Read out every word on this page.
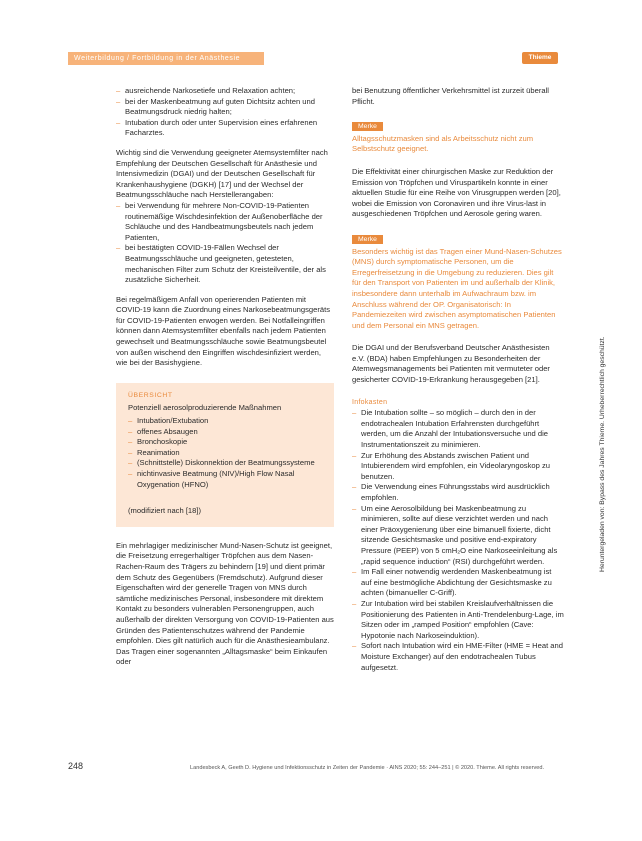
Weiterbildung / Fortbildung in der Anästhesie	Thieme
– ausreichende Narkosetiefe und Relaxation achten;
– bei der Maskenbeatmung auf guten Dichtsitz achten und Beatmungsdruck niedrig halten;
– Intubation durch oder unter Supervision eines erfahrenen Facharztes.

Wichtig sind die Verwendung geeigneter Atemsystemfilter nach Empfehlung der Deutschen Gesellschaft für Anästhesie und Intensivmedizin (DGAI) und der Deutschen Gesellschaft für Krankenhaushygiene (DGKH) [17] und der Wechsel der Beatmungsschläuche nach Herstellerangaben:

– bei Verwendung für mehrere Non-COVID-19-Patienten routinemäßige Wischdesinfektion der Außenoberfläche der Schläuche und des Handbeatmungsbeutels nach jedem Patienten,
– bei bestätigten COVID-19-Fällen Wechsel der Beatmungsschläuche und geeigneten, getesteten, mechanischen Filter zum Schutz der Kreisteilventile, der als zusätzliche Sicherheit.

Bei regelmäßigem Anfall von operierenden Patienten mit COVID-19 kann die Zuordnung eines Narkosebeatmungsgeräts für COVID-19-Patienten erwogen werden. Bei Notfalleingriffen können dann Atemsystemfilter ebenfalls nach jedem Patienten gewechselt und Beatmungsschläuche sowie Beatmungsbeutel von außen wischend den Eingriffen wischdesinfiziert werden, wie bei der Basishygiene.

ÜBERSICHT
Potenziell aerosolproduzierende Maßnahmen
– Intubation/Extubation
– offenes Absaugen
– Bronchoskopie
– Reanimation
– (Schnittstelle) Diskonnektion der Beatmungssysteme
– nichtinvasive Beatmung (NIV)/High Flow Nasal Oxygenation (HFNO)
(modifiziert nach [18])

Ein mehrlagiger medizinischer Mund-Nasen-Schutz ist geeignet, die Freisetzung erregerhaltiger Tröpfchen aus dem Nasen-Rachen-Raum des Trägers zu behindern [19] und dient primär dem Schutz des Gegenübers (Fremdschutz). Aufgrund dieser Eigenschaften wird der generelle Tragen von MNS durch sämtliche medizinisches Personal, insbesondere mit direktem Kontakt zu besonders vulnerablen Personengruppen, auch außerhalb der direkten Versorgung von COVID-19-Patienten aus Gründen des Patientenschutzes während der Pandemie empfohlen. Dies gilt natürlich auch für die Anästhesieambulanz. Das Tragen einer sogenannten „Alltagsmaske“ beim Einkaufen oder

bei Benutzung öffentlicher Verkehrsmittel ist zurzeit überall Pflicht.

Merke

Alltagsschutzmasken sind als Arbeitsschutz nicht zum Selbstschutz geeignet.

Die Effektivität einer chirurgischen Maske zur Reduktion der Emission von Tröpfchen und Viruspartikeln konnte in einer aktuellen Studie für eine Reihe von Virusgruppen werden [20], wobei die Emission von Coronaviren und ihre Virus-last in ausgeschiedenen Tröpfchen und Aerosole gering waren.

Merke

Besonders wichtig ist das Tragen einer Mund-Nasen-Schutzes (MNS) durch symptomatische Personen, um die Erregerfreisetzung in die Umgebung zu reduzieren. Dies gilt für den Transport von Patienten im und außerhalb der Klinik, insbesondere dann unterhalb im Aufwachraum bzw. im Anschluss während der OP. Organisatorisch: In Pandemiezeiten wird zwischen asymptomatischen Patienten und dem Personal ein MNS getragen.

Die DGAI und der Berufsverband Deutscher Anästhesisten e.V. (BDA) haben Empfehlungen zu Besonderheiten der Atemwegsmanagements bei Patienten mit vermuteter oder gesicherter COVID-19-Erkrankung herausgegeben [21].

Infokasten
– Die Intubation sollte – so möglich – durch den in der endotrachealen Intubation Erfahrensten durchgeführt werden, um die Anzahl der Intubationsversuche und die Instrumentationszeit zu minimieren.
– Zur Erhöhung des Abstands zwischen Patient und Intubierendem wird empfohlen, ein Videolaryngoskop zu benutzen.
– Die Verwendung eines Führungsstabs wird ausdrücklich empfohlen.
– Um eine Aerosolbildung bei Maskenbeatmung zu minimieren, sollte auf diese verzichtet werden und nach einer Präoxygenierung über eine bimanuell fixierte, dicht sitzende Gesichtsmaske und positive end-expiratory Pressure (PEEP) von 5 cmH₂O eine Narkoseeinleitung als „rapid sequence induction“ (RSI) durchgeführt werden.
– Im Fall einer notwendig werdenden Maskenbeatmung ist auf eine bestmögliche Abdichtung der Gesichtsmaske zu achten (bimanueller C-Griff).
– Zur Intubation wird bei stabilen Kreislaufverhältnissen die Positionierung des Patienten in Anti-Trendelenburg-Lage, im Sitzen oder im „ramped Position“ empfohlen (Cave: Hypotonie nach Narkoseinduktion).
– Sofort nach Intubation wird ein HME-Filter (HME = Heat and Moisture Exchanger) auf den endotrachealen Tubus aufgesetzt.
248	Landesbeck A, Geeth D. Hygiene und Infektionsschutz in Zeiten der Pandemie · AINS 2020; 55: 244–251 | © 2020. Thieme. All rights reserved.
Heruntergeladen von: Bypass des Jahres Thieme. Urheberrechtlich geschützt.
